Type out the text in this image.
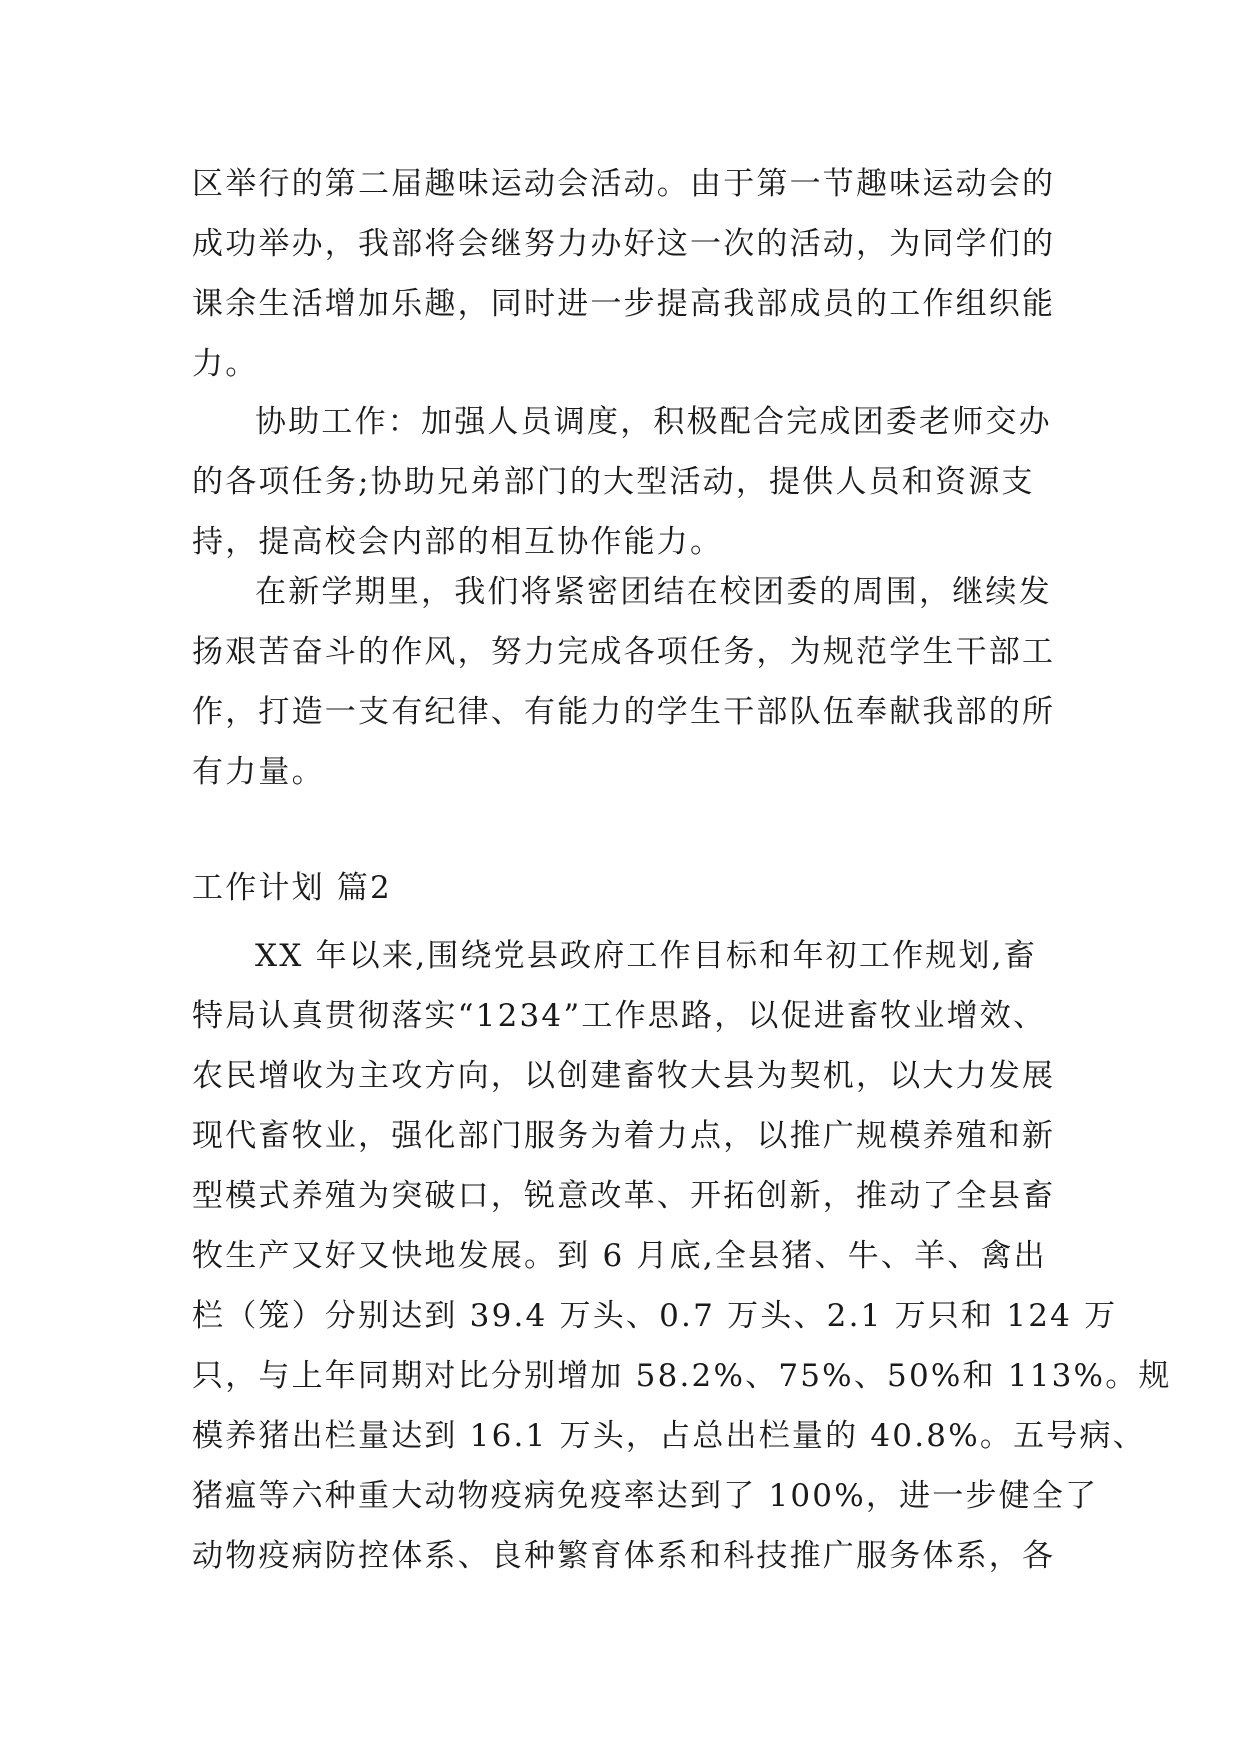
区举行的第二届趣味运动会活动。由于第一节趣味运动会的
成功举办，我部将会继努力办好这一次的活动，为同学们的
课余生活增加乐趣，同时进一步提高我部成员的工作组织能
力。
协助工作：加强人员调度，积极配合完成团委老师交办
的各项任务;协助兄弟部门的大型活动，提供人员和资源支
持，提高校会内部的相互协作能力。
在新学期里，我们将紧密团结在校团委的周围，继续发
扬艰苦奋斗的作风，努力完成各项任务，为规范学生干部工
作，打造一支有纪律、有能力的学生干部队伍奉献我部的所
有力量。
工作计划 篇2
XX 年以来,围绕党县政府工作目标和年初工作规划,畜
特局认真贯彻落实“1234”工作思路，以促进畜牧业增效、
农民增收为主攻方向，以创建畜牧大县为契机，以大力发展
现代畜牧业，强化部门服务为着力点，以推广规模养殖和新
型模式养殖为突破口，锐意改革、开拓创新，推动了全县畜
牧生产又好又快地发展。到 6 月底,全县猪、牛、羊、禽出
栏（笼）分别达到 39.4 万头、0.7 万头、2.1 万只和 124 万
只，与上年同期对比分别增加 58.2%、75%、50%和 113%。规
模养猪出栏量达到 16.1 万头，占总出栏量的 40.8%。五号病、
猪瘟等六种重大动物疫病免疫率达到了 100%，进一步健全了
动物疫病防控体系、良种繁育体系和科技推广服务体系，各
